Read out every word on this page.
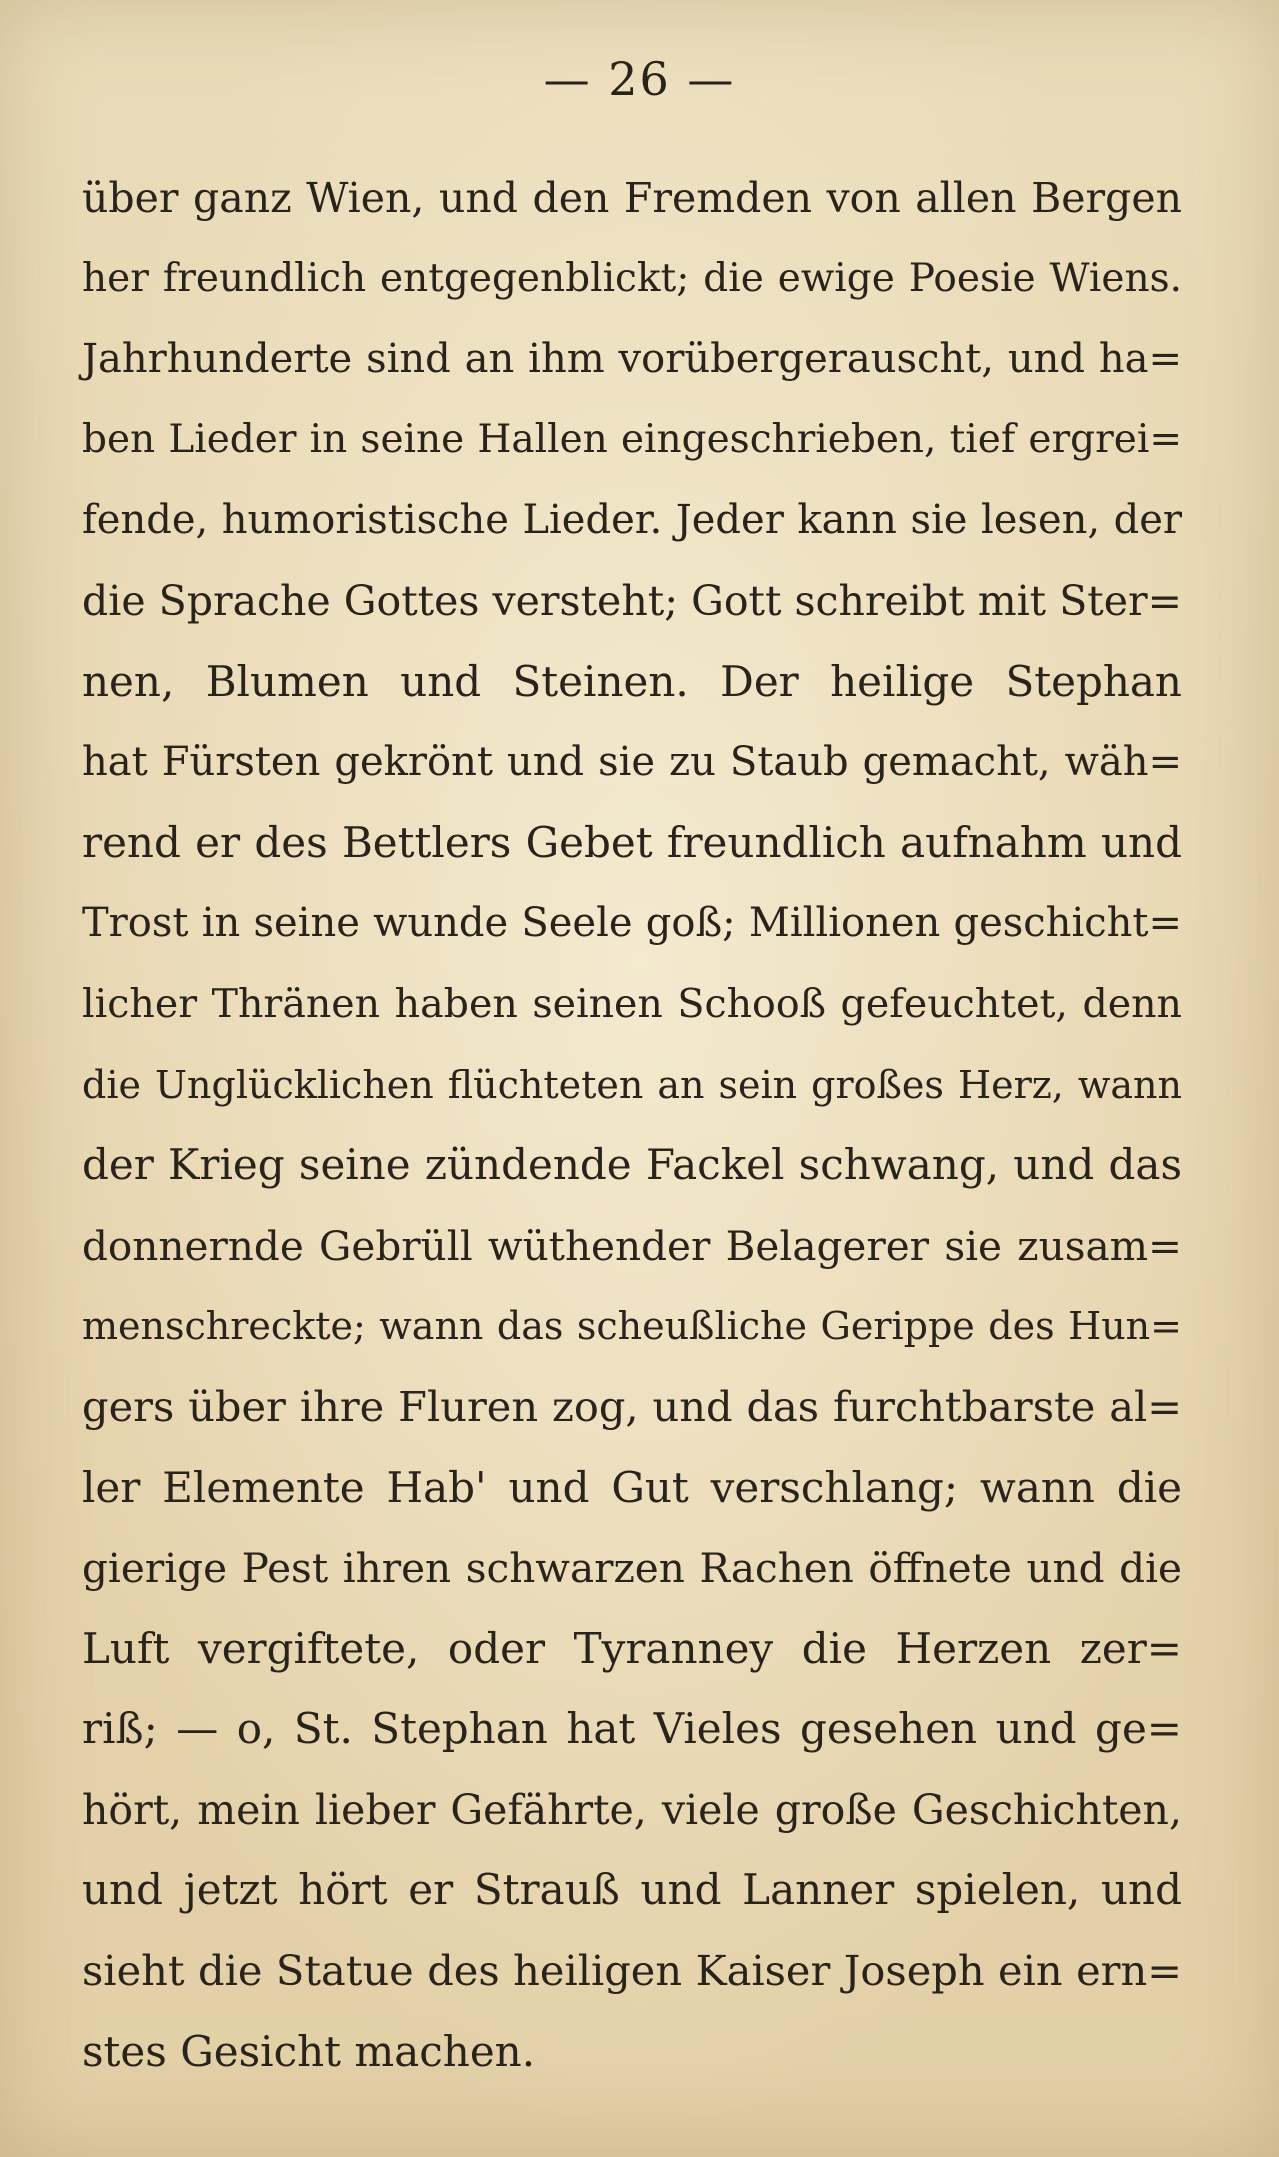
— 26 —
über ganz Wien, und den Fremden von allen Bergen
her freundlich entgegenblickt; die ewige Poesie Wiens.
Jahrhunderte sind an ihm vorübergerauscht, und ha=
ben Lieder in seine Hallen eingeschrieben, tief ergrei=
fende, humoristische Lieder. Jeder kann sie lesen, der
die Sprache Gottes versteht; Gott schreibt mit Ster=
nen, Blumen und Steinen. Der heilige Stephan
hat Fürsten gekrönt und sie zu Staub gemacht, wäh=
rend er des Bettlers Gebet freundlich aufnahm und
Trost in seine wunde Seele goß; Millionen geschicht=
licher Thränen haben seinen Schooß gefeuchtet, denn
die Unglücklichen flüchteten an sein großes Herz, wann
der Krieg seine zündende Fackel schwang, und das
donnernde Gebrüll wüthender Belagerer sie zusam=
menschreckte; wann das scheußliche Gerippe des Hun=
gers über ihre Fluren zog, und das furchtbarste al=
ler Elemente Hab' und Gut verschlang; wann die
gierige Pest ihren schwarzen Rachen öffnete und die
Luft vergiftete, oder Tyranney die Herzen zer=
riß; — o, St. Stephan hat Vieles gesehen und ge=
hört, mein lieber Gefährte, viele große Geschichten,
und jetzt hört er Strauß und Lanner spielen, und
sieht die Statue des heiligen Kaiser Joseph ein ern=
stes Gesicht machen.
